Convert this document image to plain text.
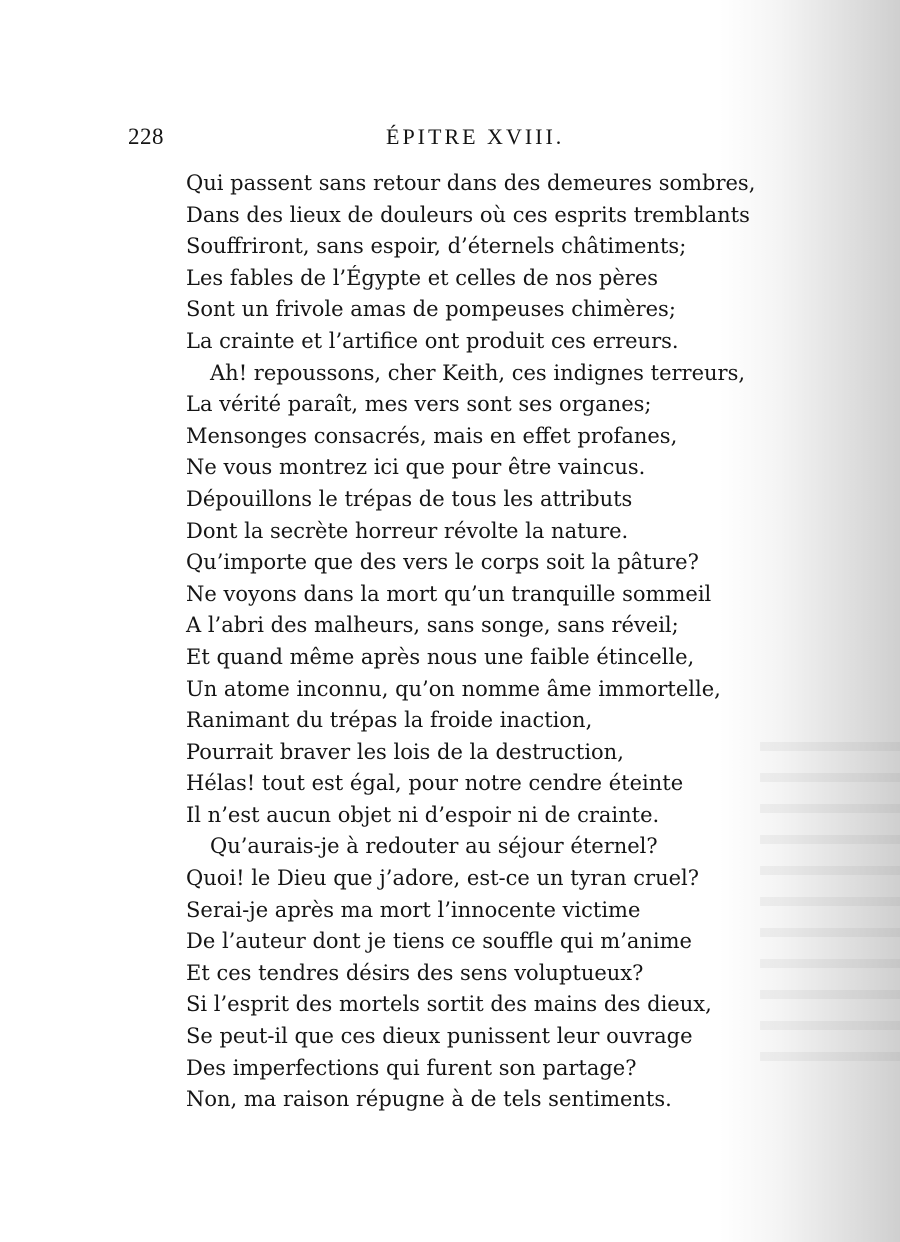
228	ÉPITRE XVIII.
Qui passent sans retour dans des demeures sombres,
Dans des lieux de douleurs où ces esprits tremblants
Souffriront, sans espoir, d’éternels châtiments;
Les fables de l’Égypte et celles de nos pères
Sont un frivole amas de pompeuses chimères;
La crainte et l’artifice ont produit ces erreurs.
Ah! repoussons, cher Keith, ces indignes terreurs,
La vérité paraît, mes vers sont ses organes;
Mensonges consacrés, mais en effet profanes,
Ne vous montrez ici que pour être vaincus.
Dépouillons le trépas de tous les attributs
Dont la secrète horreur révolte la nature.
Qu’importe que des vers le corps soit la pâture?
Ne voyons dans la mort qu’un tranquille sommeil
A l’abri des malheurs, sans songe, sans réveil;
Et quand même après nous une faible étincelle,
Un atome inconnu, qu’on nomme âme immortelle,
Ranimant du trépas la froide inaction,
Pourrait braver les lois de la destruction,
Hélas! tout est égal, pour notre cendre éteinte
Il n’est aucun objet ni d’espoir ni de crainte.
Qu’aurais-je à redouter au séjour éternel?
Quoi! le Dieu que j’adore, est-ce un tyran cruel?
Serai-je après ma mort l’innocente victime
De l’auteur dont je tiens ce souffle qui m’anime
Et ces tendres désirs des sens voluptueux?
Si l’esprit des mortels sortit des mains des dieux,
Se peut-il que ces dieux punissent leur ouvrage
Des imperfections qui furent son partage?
Non, ma raison répugne à de tels sentiments.
